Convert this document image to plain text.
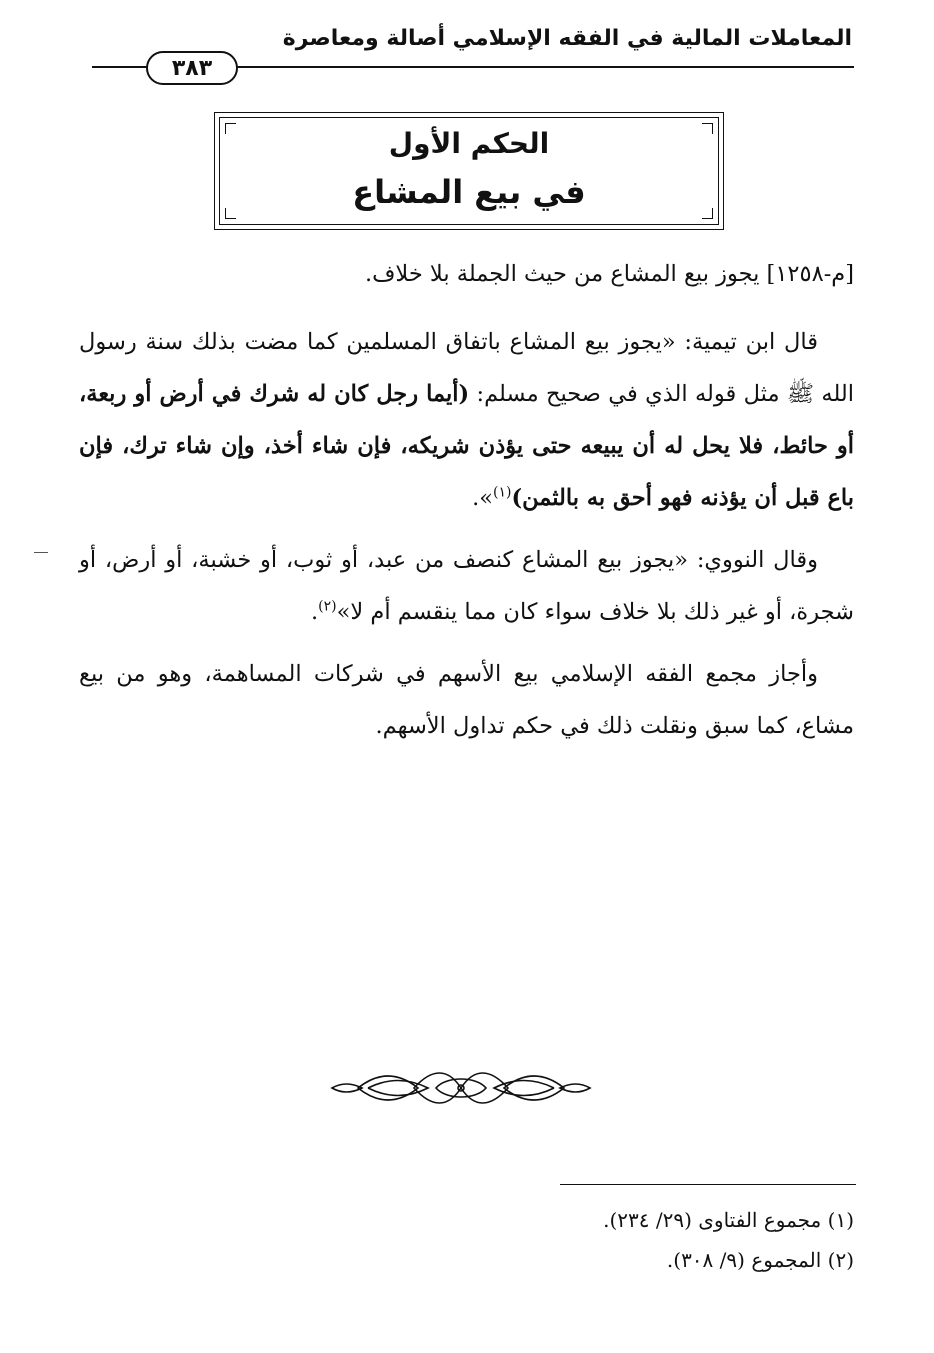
المعاملات المالية في الفقه الإسلامي أصالة ومعاصرة
٣٨٣
الحكم الأول
في بيع المشاع

[م-١٢٥٨] يجوز بيع المشاع من حيث الجملة بلا خلاف.

قال ابن تيمية: «يجوز بيع المشاع باتفاق المسلمين كما مضت بذلك سنة رسول الله ﷺ مثل قوله الذي في صحيح مسلم: (أيما رجل كان له شرك في أرض أو ربعة، أو حائط، فلا يحل له أن يبيعه حتى يؤذن شريكه، فإن شاء أخذ، وإن شاء ترك، فإن باع قبل أن يؤذنه فهو أحق به بالثمن)$^{(١)}$».

وقال النووي: «يجوز بيع المشاع كنصف من عبد، أو ثوب، أو خشبة، أو أرض، أو شجرة، أو غير ذلك بلا خلاف سواء كان مما ينقسم أم لا»$^{(٢)}$.

وأجاز مجمع الفقه الإسلامي بيع الأسهم في شركات المساهمة، وهو من بيع مشاع، كما سبق ونقلت ذلك في حكم تداول الأسهم.

(١) مجموع الفتاوى (٢٩/ ٢٣٤).
(٢) المجموع (٩/ ٣٠٨).
